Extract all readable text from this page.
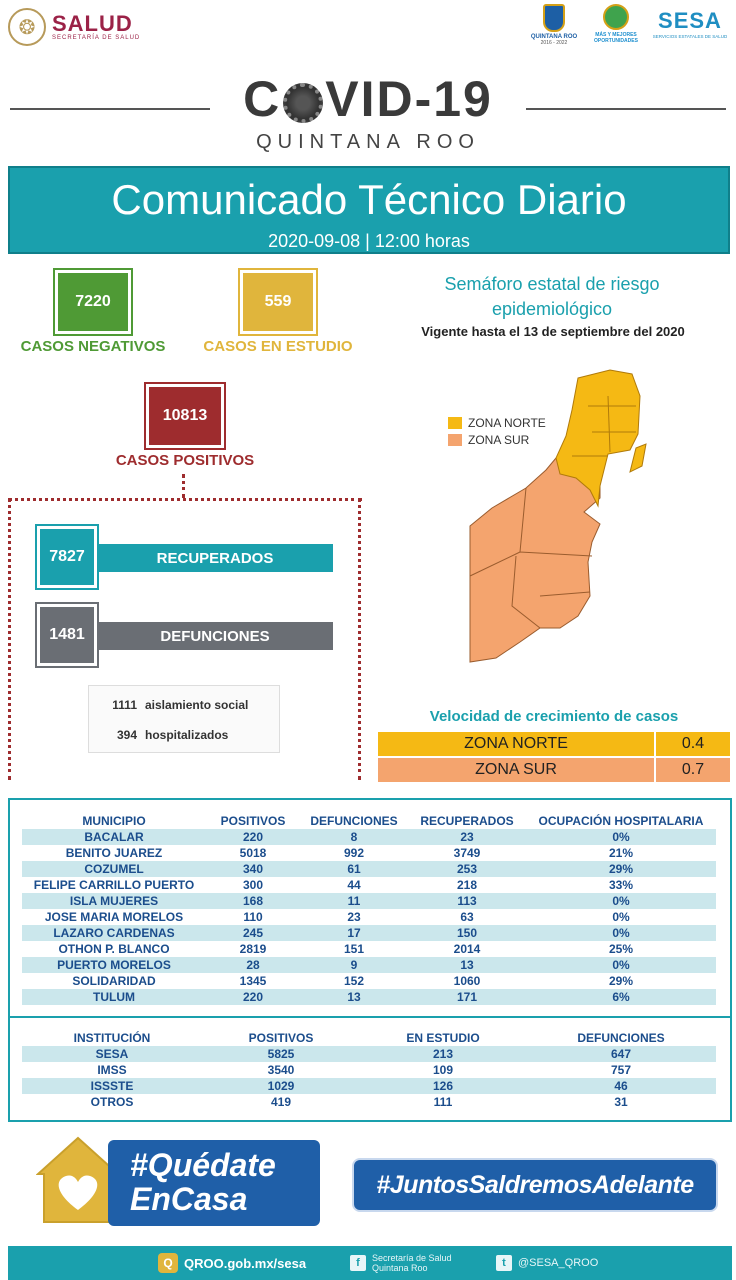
❂ SALUD
SECRETARÍA DE SALUD	QUINTANA ROO
2016 - 2022
MÁS Y MEJORES OPORTUNIDADES
SESA
SERVICIOS ESTATALES DE SALUD
C VID-19
QUINTANA ROO
Comunicado Técnico Diario
2020-09-08 | 12:00 horas
7220
CASOS NEGATIVOS
559
CASOS EN ESTUDIO
10813
CASOS POSITIVOS
7827	RECUPERADOS
1481	DEFUNCIONES
1111 aislamiento social
394 hospitalizados
Semáforo estatal de riesgo epidemiológico
Vigente hasta el 13 de septiembre del 2020
ZONA NORTE
ZONA SUR
Velocidad de crecimiento de casos
ZONA NORTE	0.4
ZONA SUR	0.7
MUNICIPIO	POSITIVOS	DEFUNCIONES	RECUPERADOS	OCUPACIÓN HOSPITALARIA
BACALAR	220	8	23	0%
BENITO JUAREZ	5018	992	3749	21%
COZUMEL	340	61	253	29%
FELIPE CARRILLO PUERTO	300	44	218	33%
ISLA MUJERES	168	11	113	0%
JOSE MARIA MORELOS	110	23	63	0%
LAZARO CARDENAS	245	17	150	0%
OTHON P. BLANCO	2819	151	2014	25%
PUERTO MORELOS	28	9	13	0%
SOLIDARIDAD	1345	152	1060	29%
TULUM	220	13	171	6%
INSTITUCIÓN	POSITIVOS	EN ESTUDIO	DEFUNCIONES
SESA	5825	213	647
IMSS	3540	109	757
ISSSTE	1029	126	46
OTROS	419	111	31
#Quédate
EnCasa	#JuntosSaldremosAdelante
Q QROO.gob.mx/sesa	f	Secretaría de Salud
Quintana Roo	t	@SESA_QROO
